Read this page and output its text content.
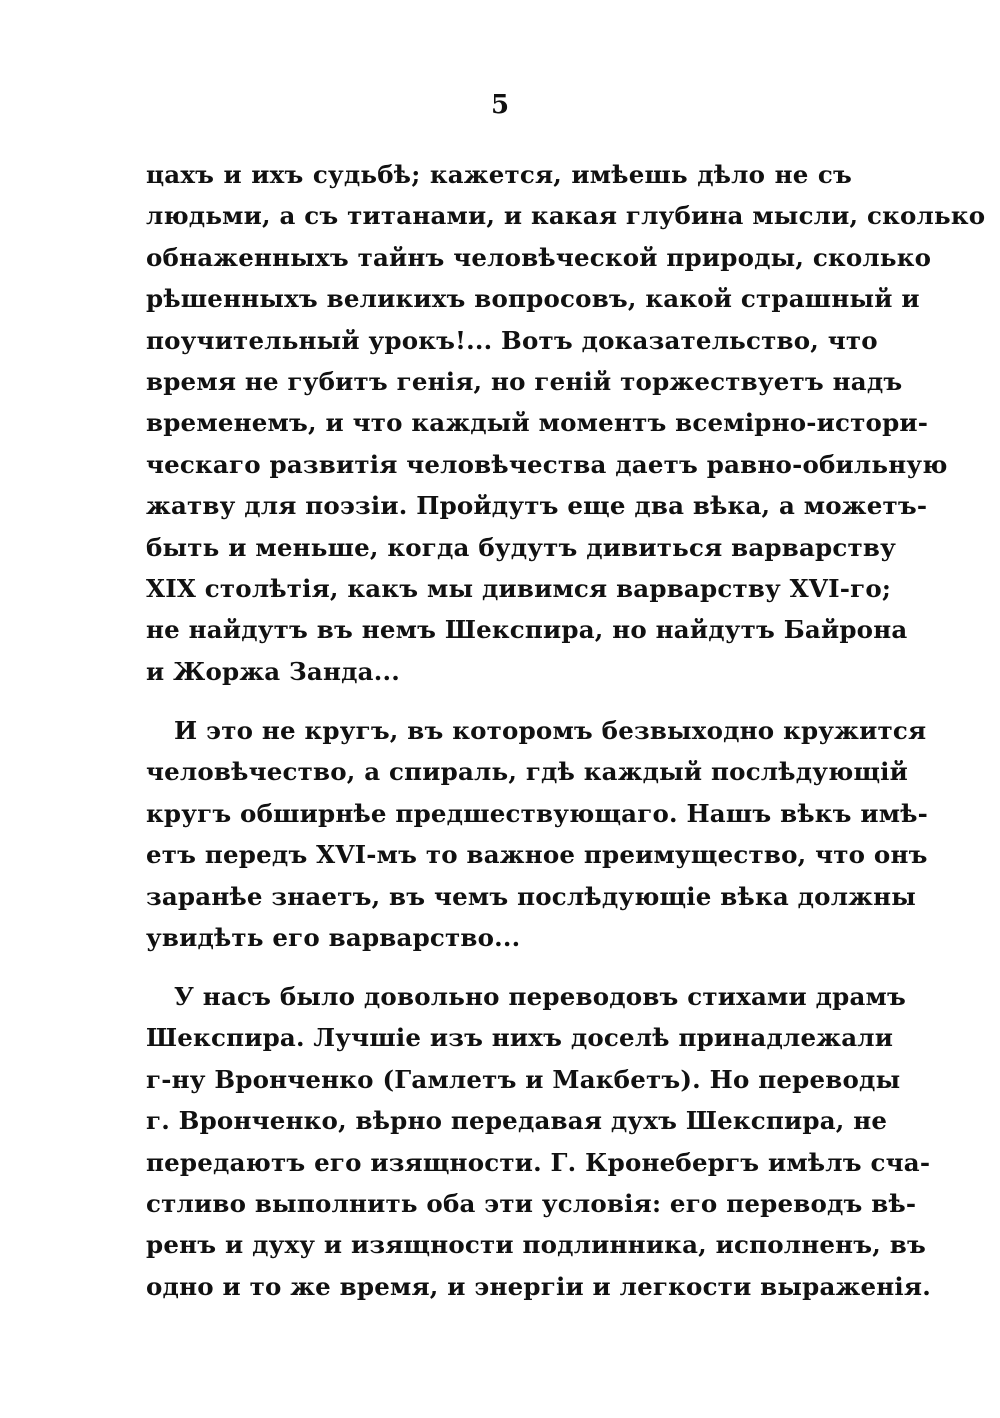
5
цахъ и ихъ судьбѣ; кажется, имѣешь дѣло не съ
людьми, а съ титанами, и какая глубина мысли, сколько
обнаженныхъ тайнъ человѣческой природы, сколько
рѣшенныхъ великихъ вопросовъ, какой страшный и
поучительный урокъ!... Вотъ доказательство, что
время не губитъ генія, но геній торжествуетъ надъ
временемъ, и что каждый моментъ всемірно-истори-
ческаго развитія человѣчества даетъ равно-обильную
жатву для поэзіи. Пройдутъ еще два вѣка, а можетъ-
быть и меньше, когда будутъ дивиться варварству
XIX столѣтія, какъ мы дивимся варварству XVI-го;
не найдутъ въ немъ Шекспира, но найдутъ Байрона
и Жоржа Занда...
И это не кругъ, въ которомъ безвыходно кружится
человѣчество, а спираль, гдѣ каждый послѣдующій
кругъ обширнѣе предшествующаго. Нашъ вѣкъ имѣ-
етъ передъ XVI-мъ то важное преимущество, что онъ
заранѣе знаетъ, въ чемъ послѣдующіе вѣка должны
увидѣть его варварство...
У насъ было довольно переводовъ стихами драмъ
Шекспира. Лучшіе изъ нихъ доселѣ принадлежали
г-ну Вронченко (Гамлетъ и Макбетъ). Но переводы
г. Вронченко, вѣрно передавая духъ Шекспира, не
передаютъ его изящности. Г. Кронебергъ имѣлъ сча-
стливо выполнить оба эти условія: его переводъ вѣ-
ренъ и духу и изящности подлинника, исполненъ, въ
одно и то же время, и энергіи и легкости выраженія.
